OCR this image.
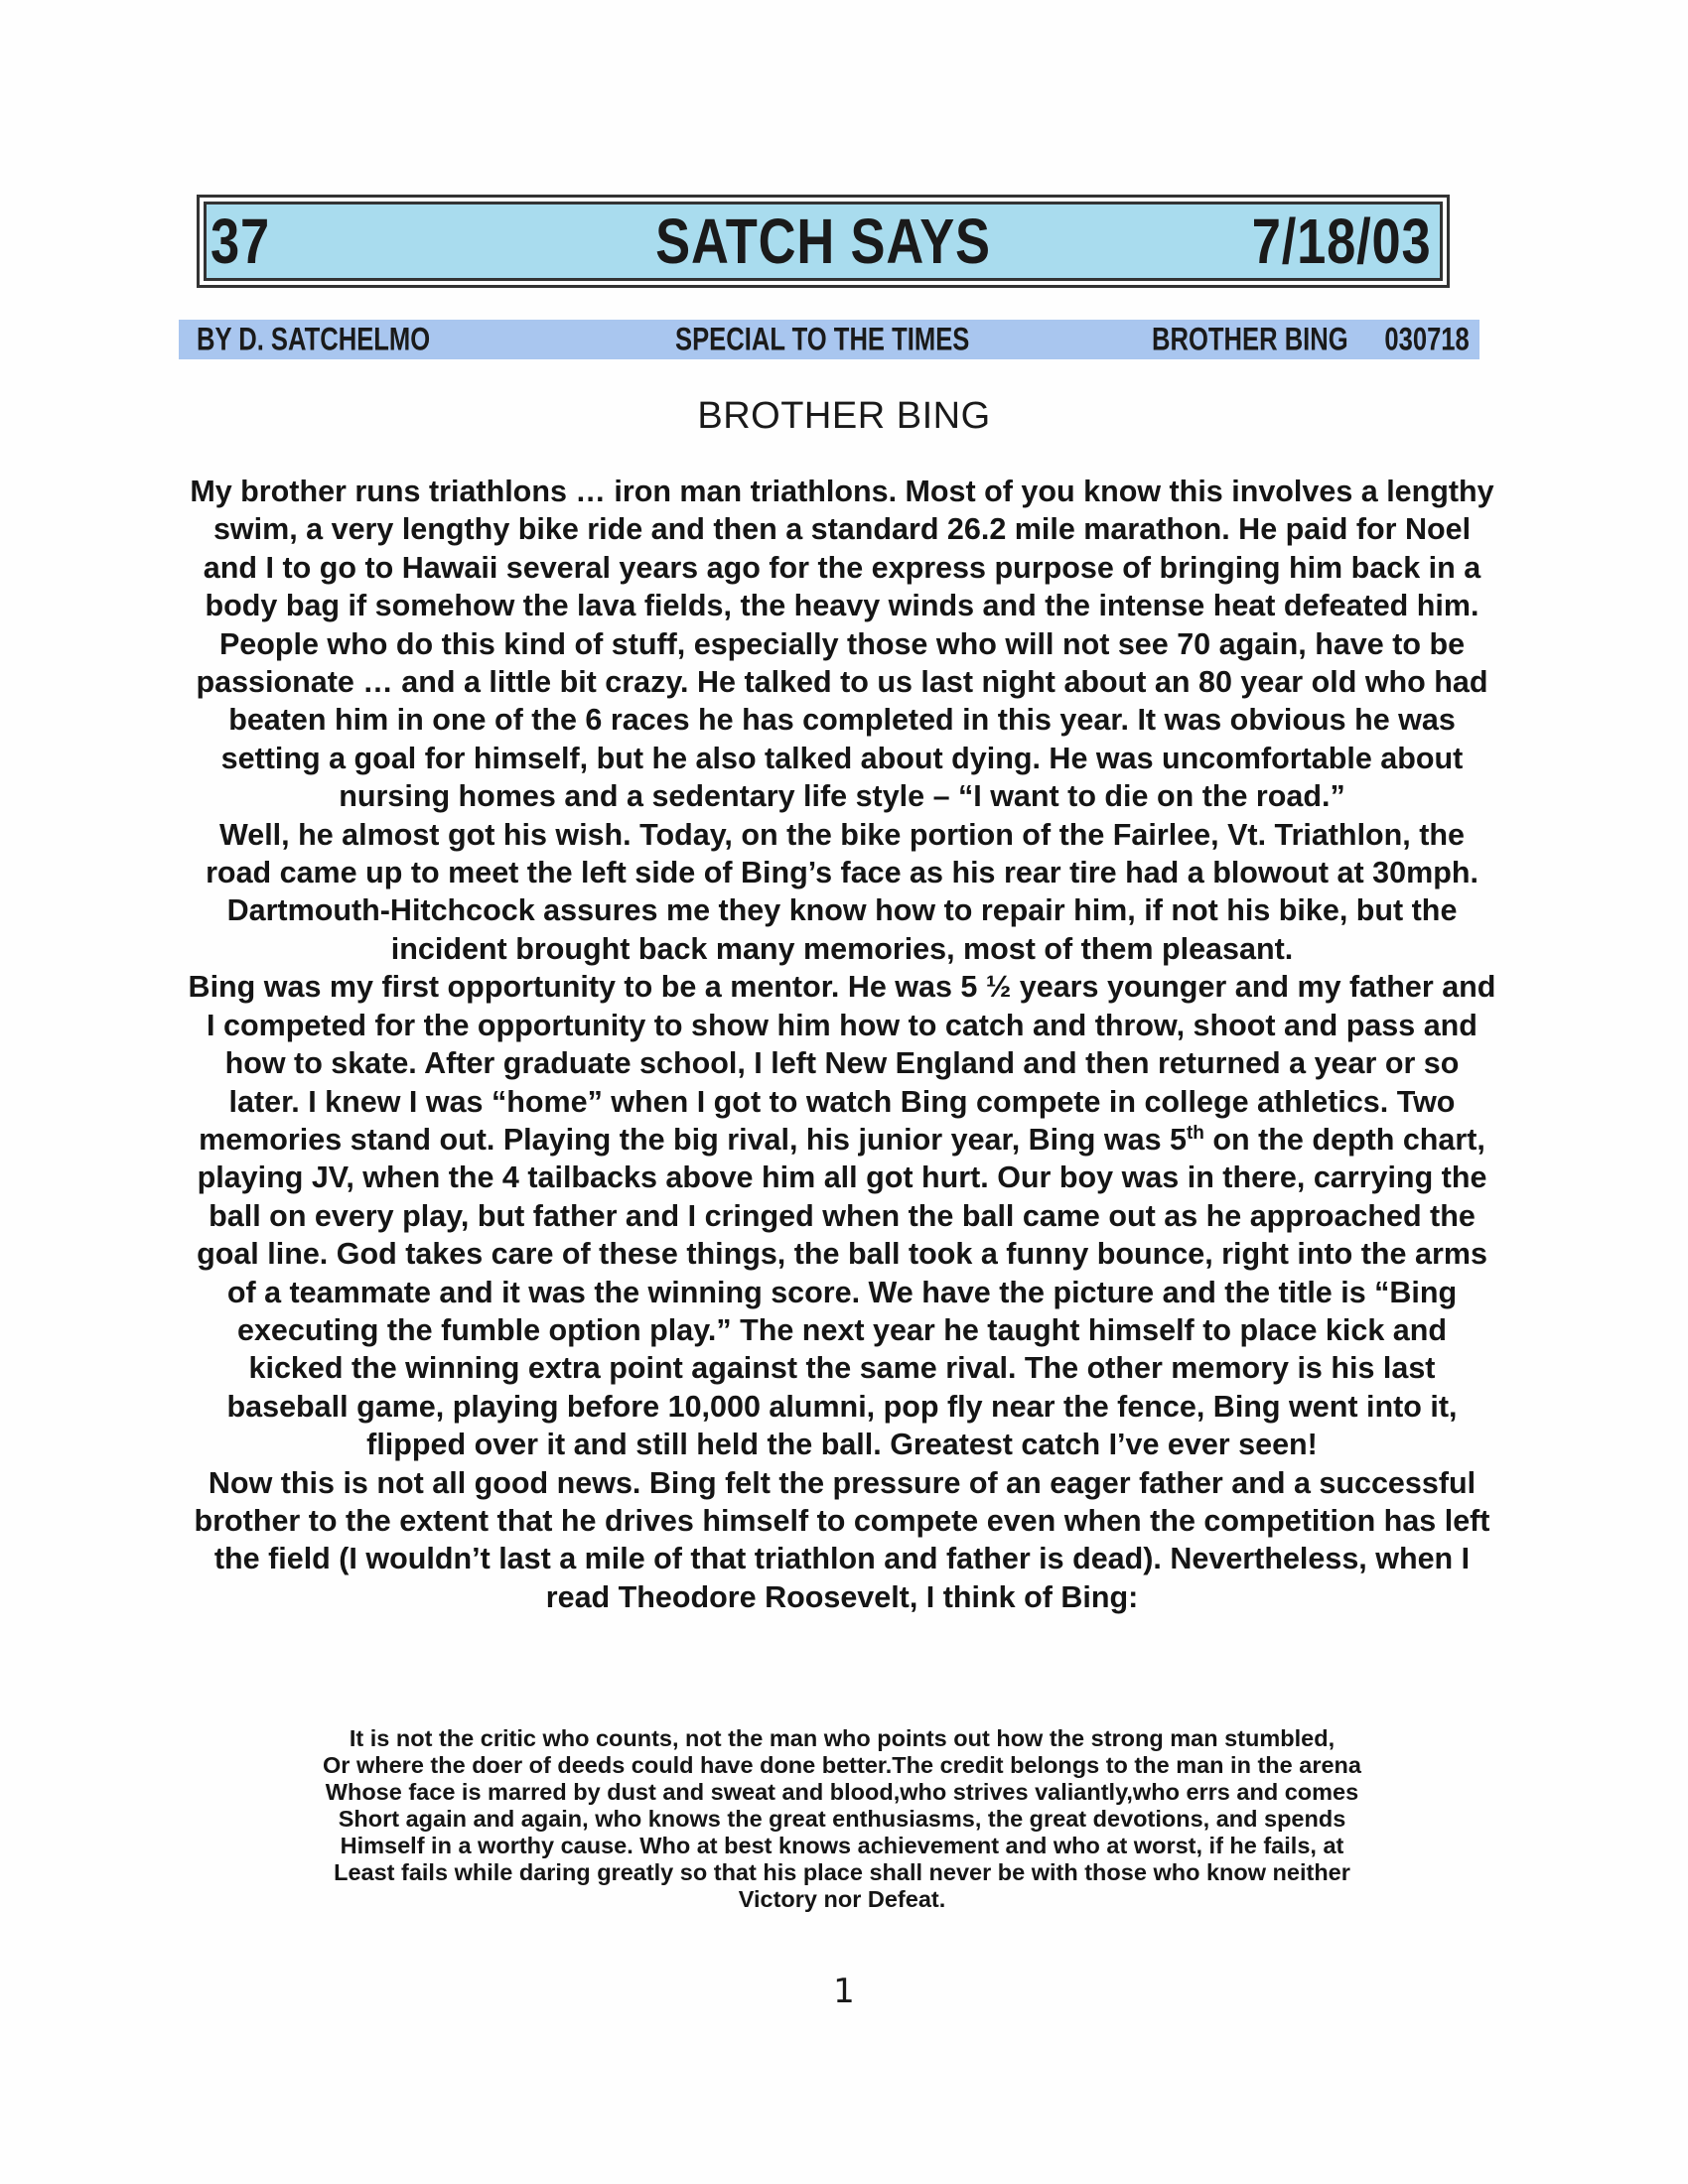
37	SATCH SAYS	7/18/03
BY D. SATCHELMO	SPECIAL TO THE TIMES	BROTHER BING 030718
BROTHER BING

My brother runs triathlons … iron man triathlons. Most of you know this involves a lengthy swim, a very lengthy bike ride and then a standard 26.2 mile marathon. He paid for Noel and I to go to Hawaii several years ago for the express purpose of bringing him back in a body bag if somehow the lava fields, the heavy winds and the intense heat defeated him. People who do this kind of stuff, especially those who will not see 70 again, have to be passionate … and a little bit crazy. He talked to us last night about an 80 year old who had beaten him in one of the 6 races he has completed in this year. It was obvious he was setting a goal for himself, but he also talked about dying. He was uncomfortable about nursing homes and a sedentary life style – “I want to die on the road.”

Well, he almost got his wish. Today, on the bike portion of the Fairlee, Vt. Triathlon, the road came up to meet the left side of Bing’s face as his rear tire had a blowout at 30mph. Dartmouth-Hitchcock assures me they know how to repair him, if not his bike, but the incident brought back many memories, most of them pleasant.

Bing was my first opportunity to be a mentor. He was 5 ½ years younger and my father and I competed for the opportunity to show him how to catch and throw, shoot and pass and how to skate. After graduate school, I left New England and then returned a year or so later. I knew I was “home” when I got to watch Bing compete in college athletics. Two memories stand out. Playing the big rival, his junior year, Bing was 5th on the depth chart, playing JV, when the 4 tailbacks above him all got hurt. Our boy was in there, carrying the ball on every play, but father and I cringed when the ball came out as he approached the goal line. God takes care of these things, the ball took a funny bounce, right into the arms of a teammate and it was the winning score. We have the picture and the title is “Bing executing the fumble option play.” The next year he taught himself to place kick and kicked the winning extra point against the same rival. The other memory is his last baseball game, playing before 10,000 alumni, pop fly near the fence, Bing went into it, flipped over it and still held the ball. Greatest catch I’ve ever seen!

Now this is not all good news. Bing felt the pressure of an eager father and a successful brother to the extent that he drives himself to compete even when the competition has left the field (I wouldn’t last a mile of that triathlon and father is dead). Nevertheless, when I read Theodore Roosevelt, I think of Bing:

It is not the critic who counts, not the man who points out how the strong man stumbled,

Or where the doer of deeds could have done better.The credit belongs to the man in the arena

Whose face is marred by dust and sweat and blood,who strives valiantly,who errs and comes

Short again and again, who knows the great enthusiasms, the great devotions, and spends

Himself in a worthy cause. Who at best knows achievement and who at worst, if he fails, at

Least fails while daring greatly so that his place shall never be with those who know neither

Victory nor Defeat.

1
